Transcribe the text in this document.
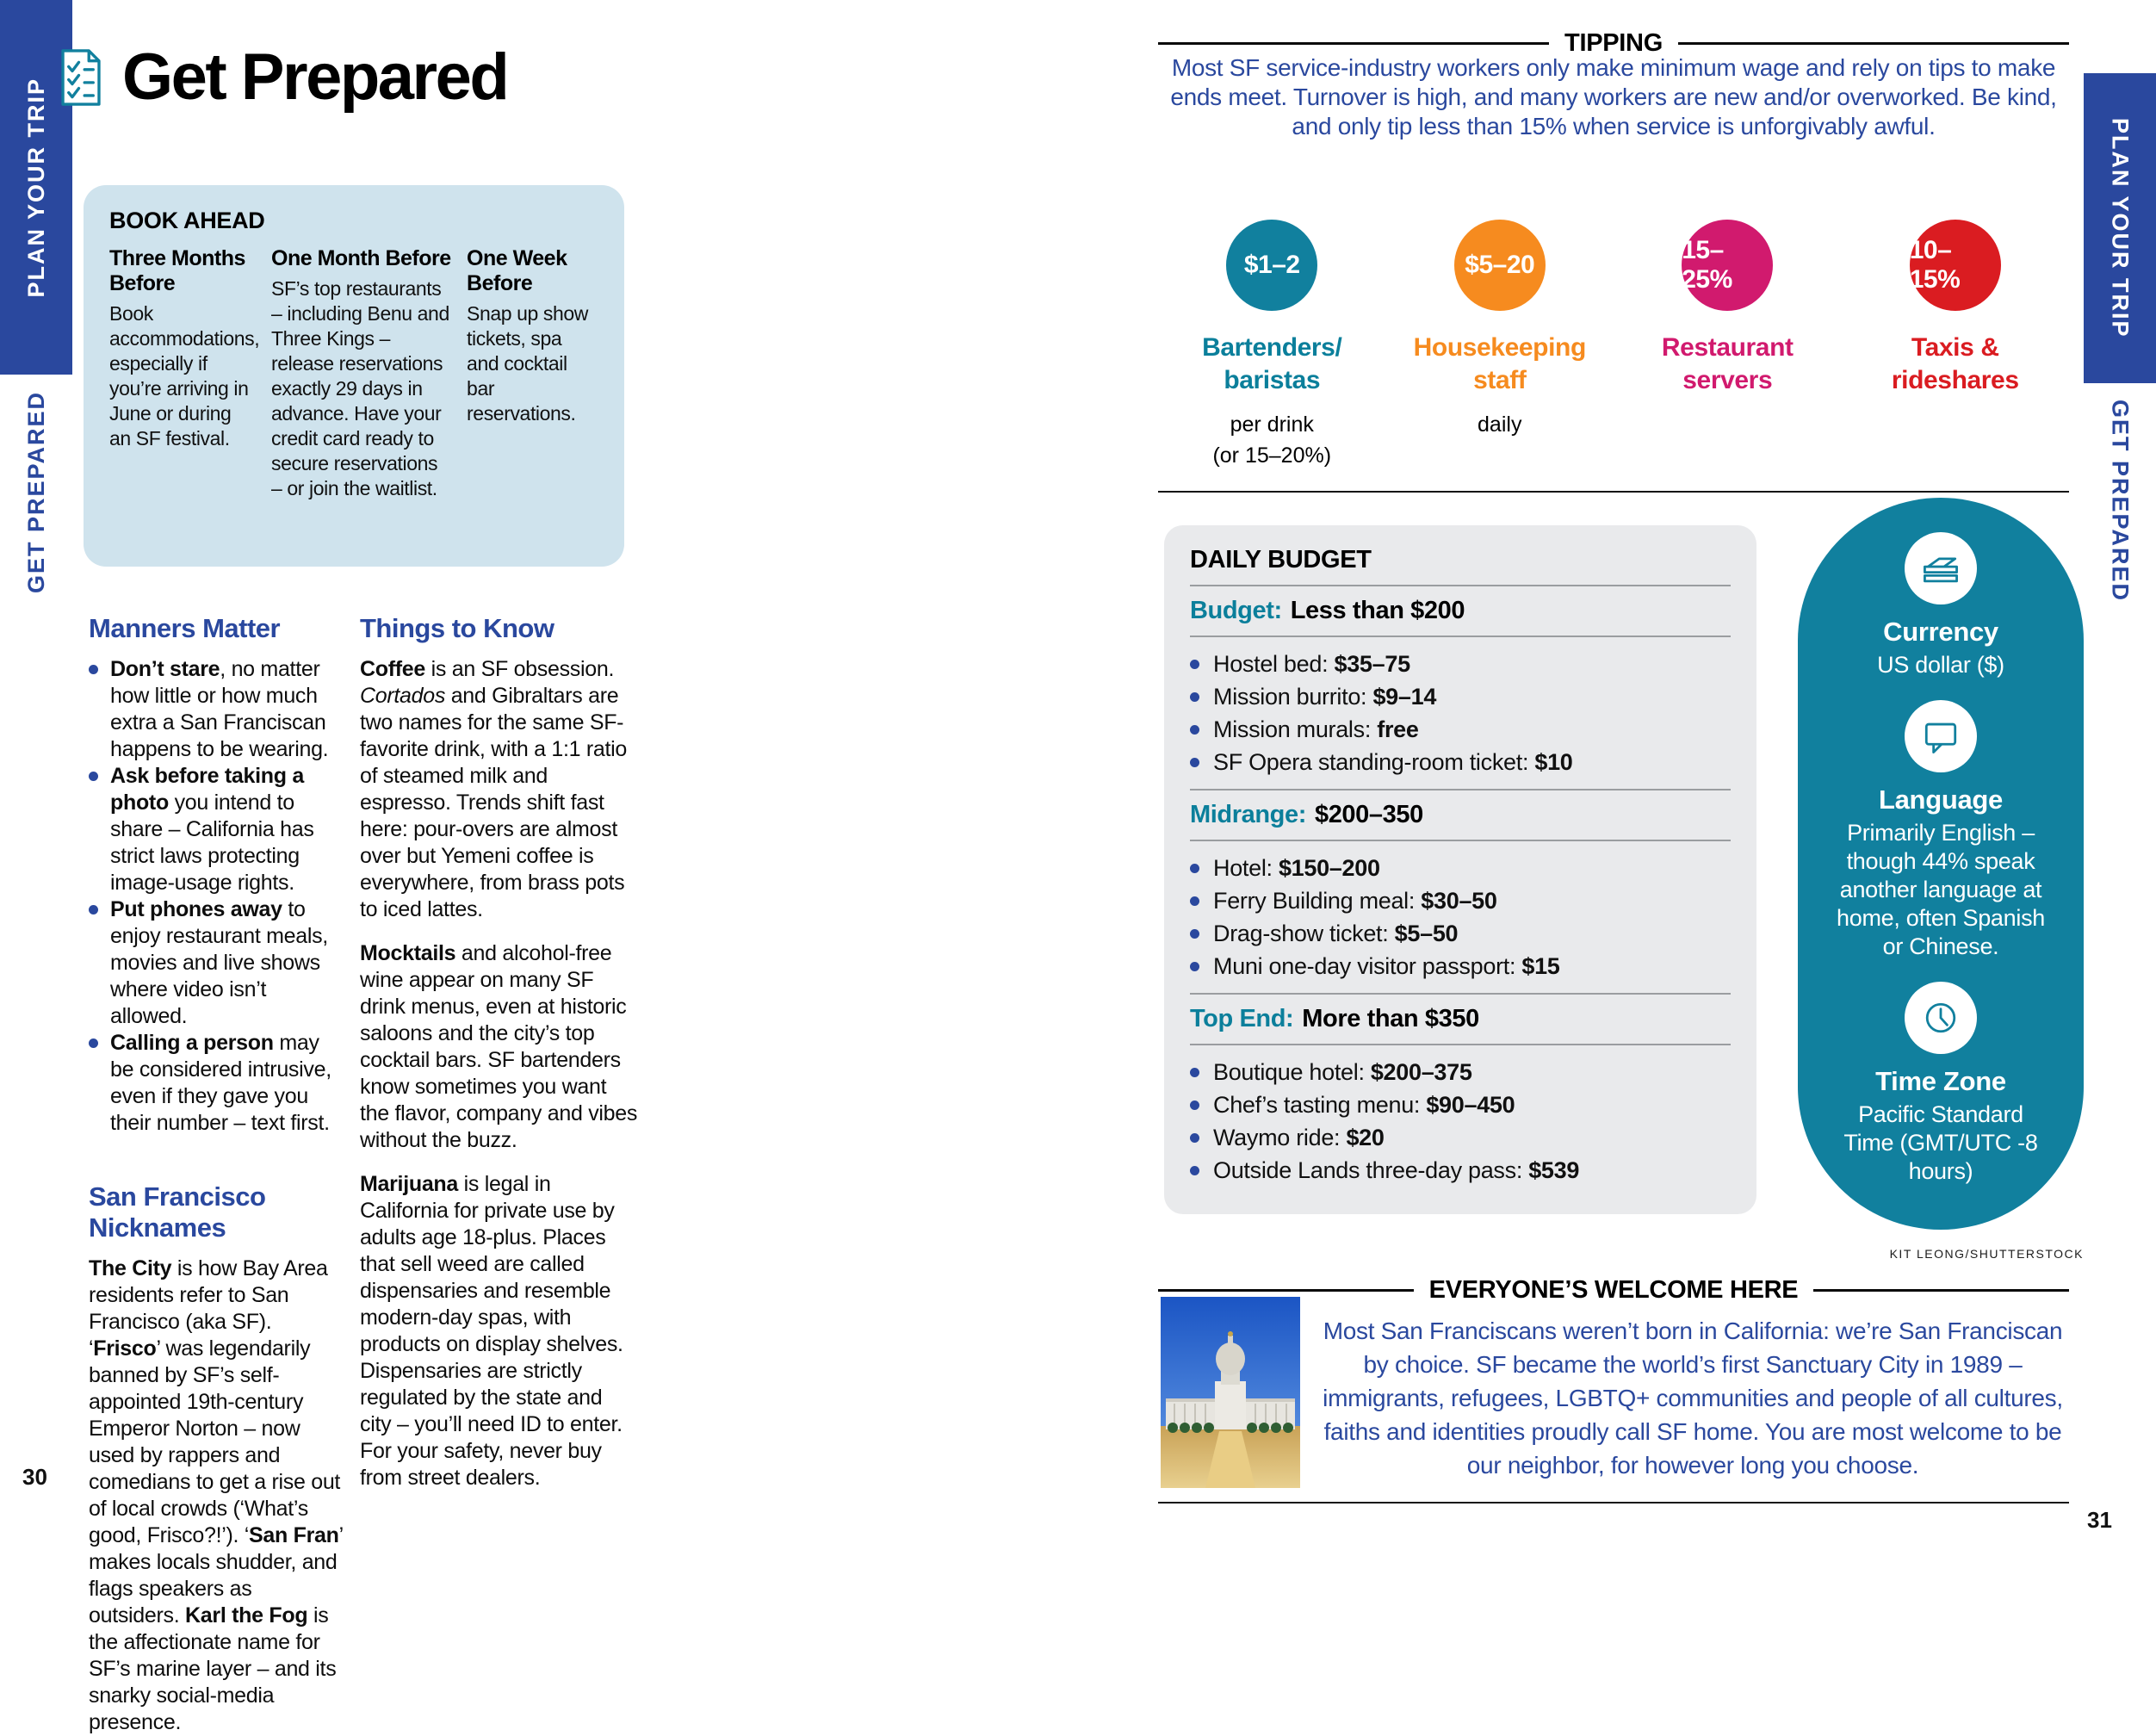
PLAN YOUR TRIP
GET PREPARED
30
Get Prepared
BOOK AHEAD
Three Months Before
Book accommodations, especially if you’re arriving in June or during an SF festival.
One Month Before
SF’s top restaurants – including Benu and Three Kings – release reservations exactly 29 days in advance. Have your credit card ready to secure reservations – or join the waitlist.
One Week Before
Snap up show tickets, spa and cocktail bar reservations.
Manners Matter

Don’t stare, no matter how little or how much extra a San Franciscan happens to be wearing.

Ask before taking a photo you intend to share – California has strict laws protecting image-usage rights.

Put phones away to enjoy restaurant meals, movies and live shows where video isn’t allowed.

Calling a person may be considered intrusive, even if they gave you their number – text first.

San Francisco Nicknames

The City is how Bay Area residents refer to San Francisco (aka SF). ‘Frisco’ was legendarily banned by SF’s self-appointed 19th-century Emperor Norton – now used by rappers and comedians to get a rise out of local crowds (‘What’s good, Frisco?!’). ‘San Fran’ makes locals shudder, and flags speakers as outsiders. Karl the Fog is the affectionate name for SF’s marine layer – and its snarky social-media presence.

Things to Know

Coffee is an SF obsession. Cortados and Gibraltars are two names for the same SF-favorite drink, with a 1:1 ratio of steamed milk and espresso. Trends shift fast here: pour-overs are almost over but Yemeni coffee is everywhere, from brass pots to iced lattes.

Mocktails and alcohol-free wine appear on many SF drink menus, even at historic saloons and the city’s top cocktail bars. SF bartenders know sometimes you want the flavor, company and vibes without the buzz.

Marijuana is legal in California for private use by adults age 18-plus. Places that sell weed are called dispensaries and resemble modern-day spas, with products on display shelves. Dispensaries are strictly regulated by the state and city – you’ll need ID to enter. For your safety, never buy from street dealers.

TIPPING

Most SF service-industry workers only make minimum wage and rely on tips to make ends meet. Turnover is high, and many workers are new and/or overworked. Be kind, and only tip less than 15% when service is unforgivably awful.

$1–2
Bartenders/
baristas
per drink
(or 15–20%)
$5–20
Housekeeping
staff
daily
15–25%
Restaurant
servers
10–15%
Taxis &
rideshares
DAILY BUDGET
Budget: Less than $200
Hostel bed: $35–75
Mission burrito: $9–14
Mission murals: free
SF Opera standing-room ticket: $10
Midrange: $200–350
Hotel: $150–200
Ferry Building meal: $30–50
Drag-show ticket: $5–50
Muni one-day visitor passport: $15
Top End: More than $350
Boutique hotel: $200–375
Chef’s tasting menu: $90–450
Waymo ride: $20
Outside Lands three-day pass: $539
Currency
US dollar ($)
Language
Primarily English – though 44% speak another language at home, often Spanish or Chinese.
Time Zone
Pacific Standard Time (GMT/UTC -8 hours)
KIT LEONG/SHUTTERSTOCK
EVERYONE’S WELCOME HERE

Most San Franciscans weren’t born in California: we’re San Franciscan by choice. SF became the world’s first Sanctuary City in 1989 – immigrants, refugees, LGBTQ+ communities and people of all cultures, faiths and identities proudly call SF home. You are most welcome to be our neighbor, for however long you choose.

31
PLAN YOUR TRIP
GET PREPARED
